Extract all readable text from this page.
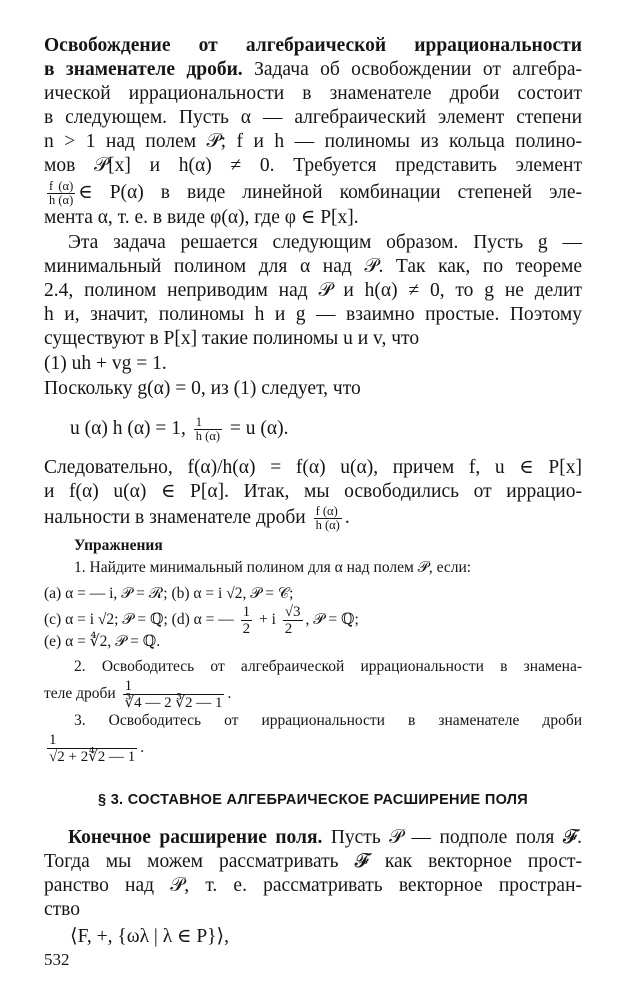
Освобождение от алгебраической иррациональности
в знаменателе дроби. Задача об освобождении от алгебра-
ической иррациональности в знаменателе дроби состоит
в следующем. Пусть α — алгебраический элемент степени
n > 1 над полем 𝒫; f и h — полиномы из кольца полино-
мов 𝒫[x] и h(α) ≠ 0. Требуется представить элемент
$\frac{f (\alpha)}{h (\alpha)}$ ∈ P(α) в виде линейной комбинации степеней эле-
мента α, т. е. в виде φ(α), где φ ∈ P[x].
Эта задача решается следующим образом. Пусть g —
минимальный полином для α над 𝒫. Так как, по теореме
2.4, полином неприводим над 𝒫 и h(α) ≠ 0, то g не делит
h и, значит, полиномы h и g — взаимно простые. Поэтому
существуют в P[x] такие полиномы u и v, что
(1) uh + vg = 1.
Поскольку g(α) = 0, из (1) следует, что
u (α) h (α) = 1, $\frac{1}{h (\alpha)} = u$ (α).
Следовательно, f(α)/h(α) = f(α) u(α), причем f, u ∈ P[x]
и f(α) u(α) ∈ P[α]. Итак, мы освободились от иррацио-
нальности в знаменателе дроби $\frac{f (\alpha)}{h (\alpha)}$ .
Упражнения
1. Найдите минимальный полином для α над полем 𝒫, если:
(a) α = — i, 𝒫 = ℛ; (b) α = i √2, 𝒫 = 𝒞;
(c) α = i √2; 𝒫 = ℚ; (d) α = — $\frac{1}{2} + i \frac{√3}{2}$ , 𝒫 = ℚ;
(e) α = ∜2, 𝒫 = ℚ.
2. Освободитесь от алгебраической иррациональности в знамена-
теле дроби $\frac{1}{∛4 — 2 ∛2 — 1}$ .
3. Освободитесь от иррациональности в знаменателе дроби
$\frac{1}{√2 + 2∜2 — 1}$ .
§ 3. СОСТАВНОЕ АЛГЕБРАИЧЕСКОЕ РАСШИРЕНИЕ ПОЛЯ
Конечное расширение поля. Пусть 𝒫 — подполе поля 𝓕.
Тогда мы можем рассматривать 𝓕 как векторное прост-
ранство над 𝒫, т. е. рассматривать векторное простран-
ство
⟨F, +, {ωλ | λ ∈ P}⟩,
532
